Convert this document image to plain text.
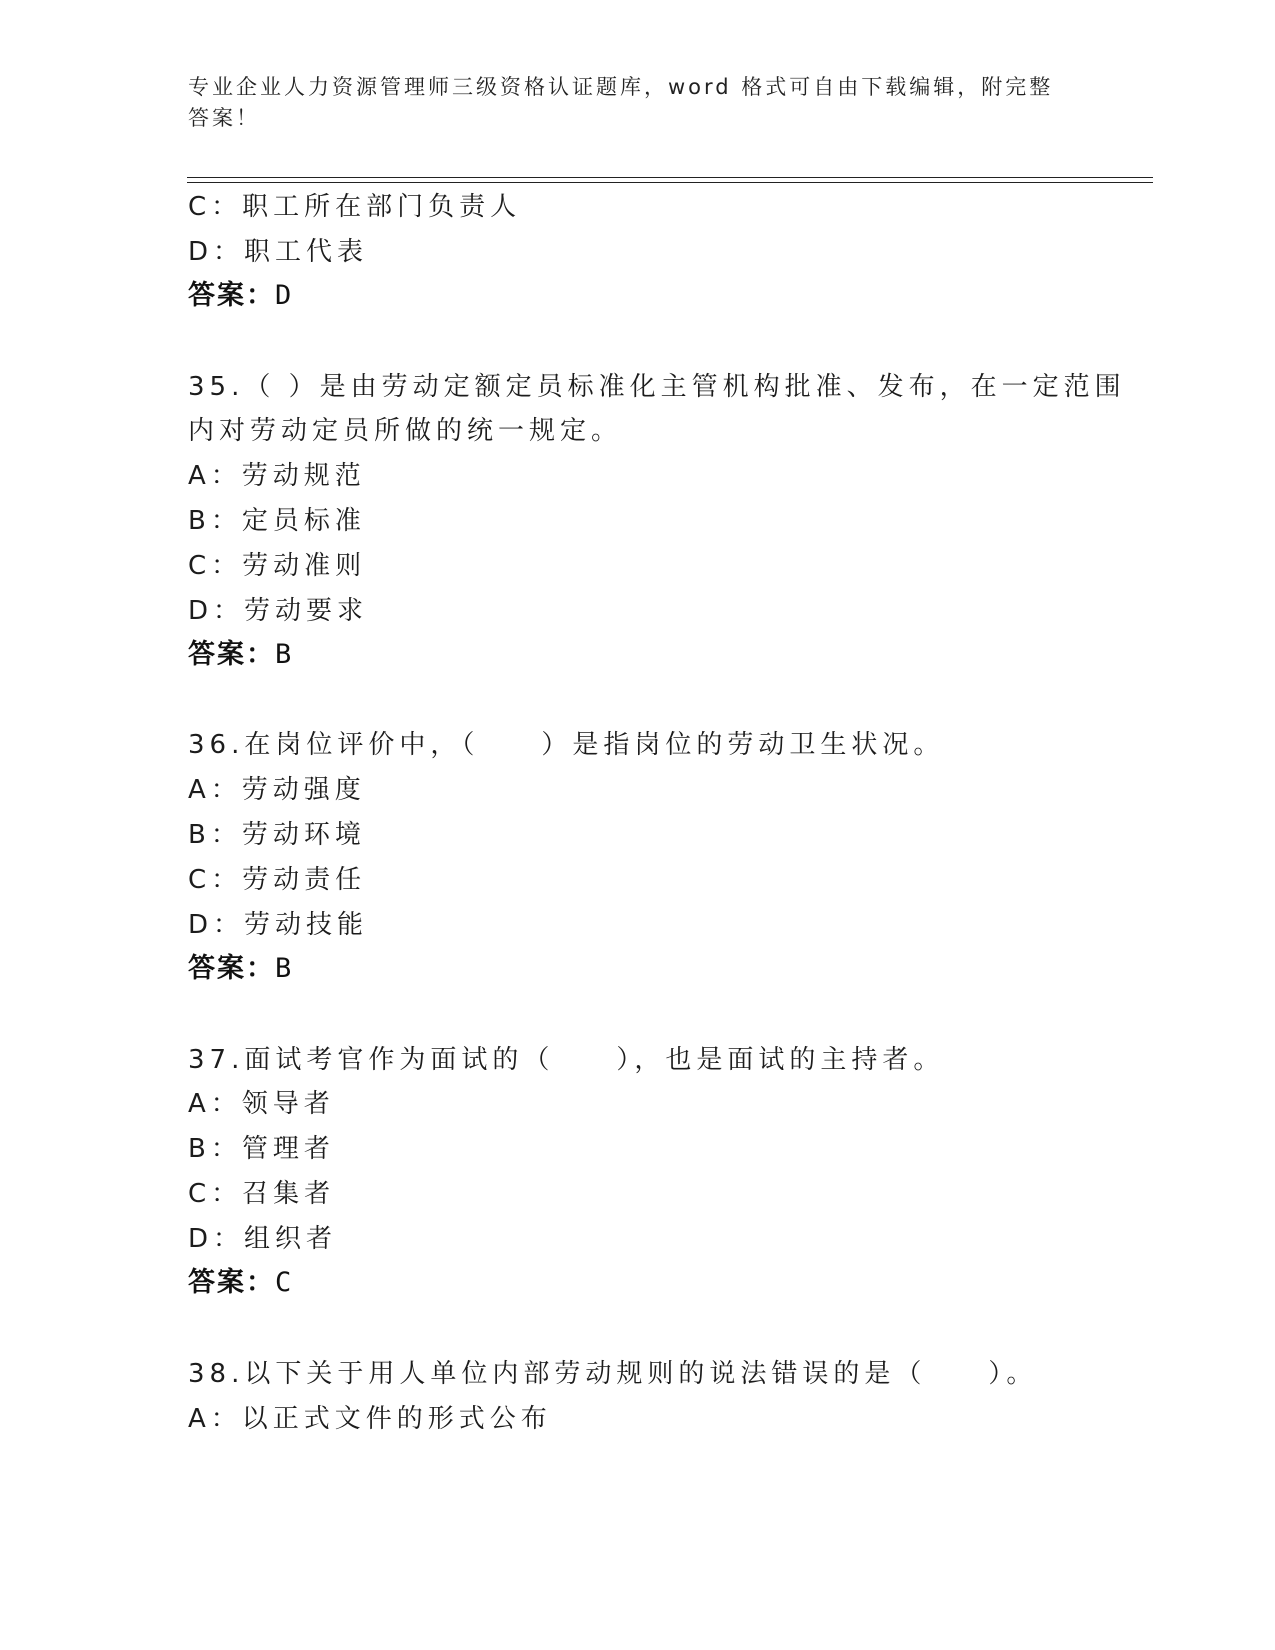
专业企业人力资源管理师三级资格认证题库，word 格式可自由下载编辑，附完整
答案！
C：职工所在部门负责人
D：职工代表
答案：D
35.（ ）是由劳动定额定员标准化主管机构批准、发布，在一定范围
内对劳动定员所做的统一规定。
A：劳动规范
B：定员标准
C：劳动准则
D：劳动要求
答案：B
36.在岗位评价中，（　　）是指岗位的劳动卫生状况。
A：劳动强度
B：劳动环境
C：劳动责任
D：劳动技能
答案：B
37.面试考官作为面试的（　　），也是面试的主持者。
A：领导者
B：管理者
C：召集者
D：组织者
答案：C
38.以下关于用人单位内部劳动规则的说法错误的是（　　）。
A：以正式文件的形式公布
